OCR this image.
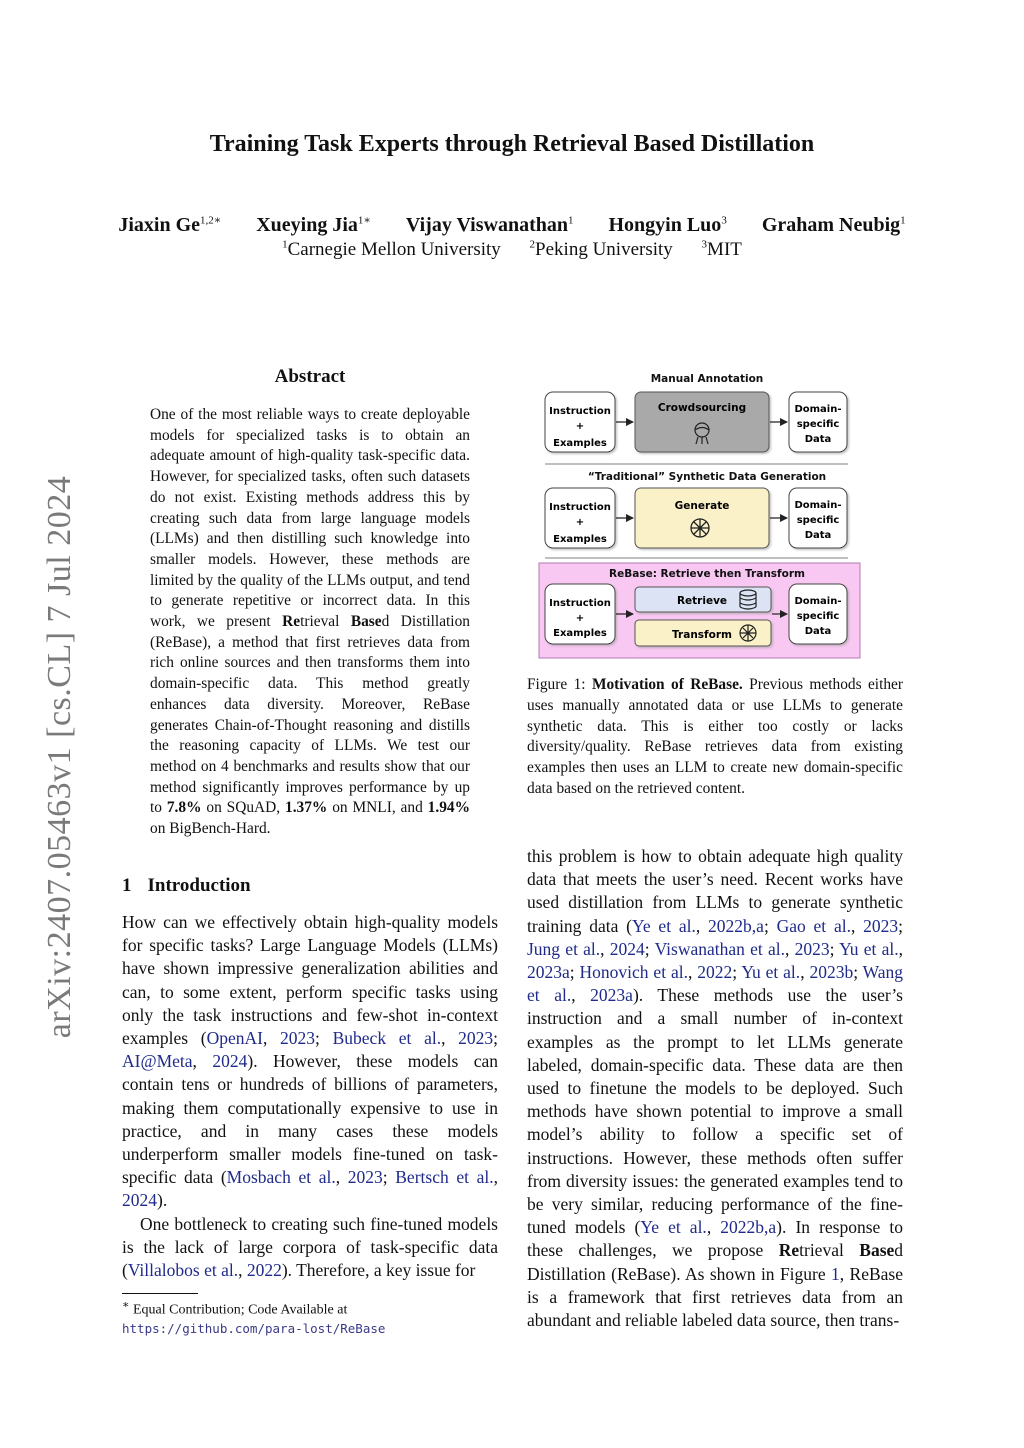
arXiv:2407.05463v1 [cs.CL] 7 Jul 2024
Training Task Experts through Retrieval Based Distillation
Jiaxin $Ge^{1,2∗}$ Xueying Jia$^{1∗}$ Vijay Viswanathan$^1$ Hongyin Luo$^3$ Graham Neubig$^1$
$^1$Carnegie Mellon University	$^2$Peking University	$^3$MIT
Abstract

One of the most reliable ways to create deployable models for specialized tasks is to obtain an adequate amount of high-quality task-specific data. However, for specialized tasks, often such datasets do not exist. Existing methods address this by creating such data from large language models (LLMs) and then distilling such knowledge into smaller models. However, these methods are limited by the quality of the LLMs output, and tend to generate repetitive or incorrect data. In this work, we present Retrieval Based Distillation (ReBase), a method that first retrieves data from rich online sources and then transforms them into domain-specific data. This method greatly enhances data diversity. Moreover, ReBase generates Chain-of-Thought reasoning and distills the reasoning capacity of LLMs. We test our method on 4 benchmarks and results show that our method significantly improves performance by up to 7.8% on SQuAD, 1.37% on MNLI, and 1.94% on BigBench-Hard.

1 Introduction

How can we effectively obtain high-quality models for specific tasks? Large Language Models (LLMs) have shown impressive generalization abilities and can, to some extent, perform specific tasks using only the task instructions and few-shot in-context examples (OpenAI, 2023; Bubeck et al., 2023; AI@Meta, 2024). However, these models can contain tens or hundreds of billions of parameters, making them computationally expensive to use in practice, and in many cases these models underperform smaller models fine-tuned on task-specific data (Mosbach et al., 2023; Bertsch et al., 2024).

One bottleneck to creating such fine-tuned models is the lack of large corpora of task-specific data (Villalobos et al., 2022). Therefore, a key issue for

∗ Equal Contribution; Code Available at https://github.com/para-lost/ReBase
Manual Annotation
Instruction
+
Examples
Crowdsourcing	Domain-
specific
Data
“Traditional” Synthetic Data Generation
Instruction
+
Examples
Generate	Domain-
specific
Data
ReBase: Retrieve then Transform
Instruction
+
Examples
Retrieve
Transform
Domain-
specific
Data

Figure 1: Motivation of ReBase. Previous methods either uses manually annotated data or use LLMs to generate synthetic data. This is either too costly or lacks diversity/quality. ReBase retrieves data from existing examples then uses an LLM to create new domain-specific data based on the retrieved content.

this problem is how to obtain adequate high quality data that meets the user’s need. Recent works have used distillation from LLMs to generate synthetic training data (Ye et al., 2022b,a; Gao et al., 2023; Jung et al., 2024; Viswanathan et al., 2023; Yu et al., 2023a; Honovich et al., 2022; Yu et al., 2023b; Wang et al., 2023a). These methods use the user’s instruction and a small number of in-context examples as the prompt to let LLMs generate labeled, domain-specific data. These data are then used to finetune the models to be deployed. Such methods have shown potential to improve a small model’s ability to follow a specific set of instructions. However, these methods often suffer from diversity issues: the generated examples tend to be very similar, reducing performance of the fine-tuned models (Ye et al., 2022b,a). In response to these challenges, we propose Retrieval Based Distillation (ReBase). As shown in Figure 1, ReBase is a framework that first retrieves data from an abundant and reliable labeled data source, then trans-
